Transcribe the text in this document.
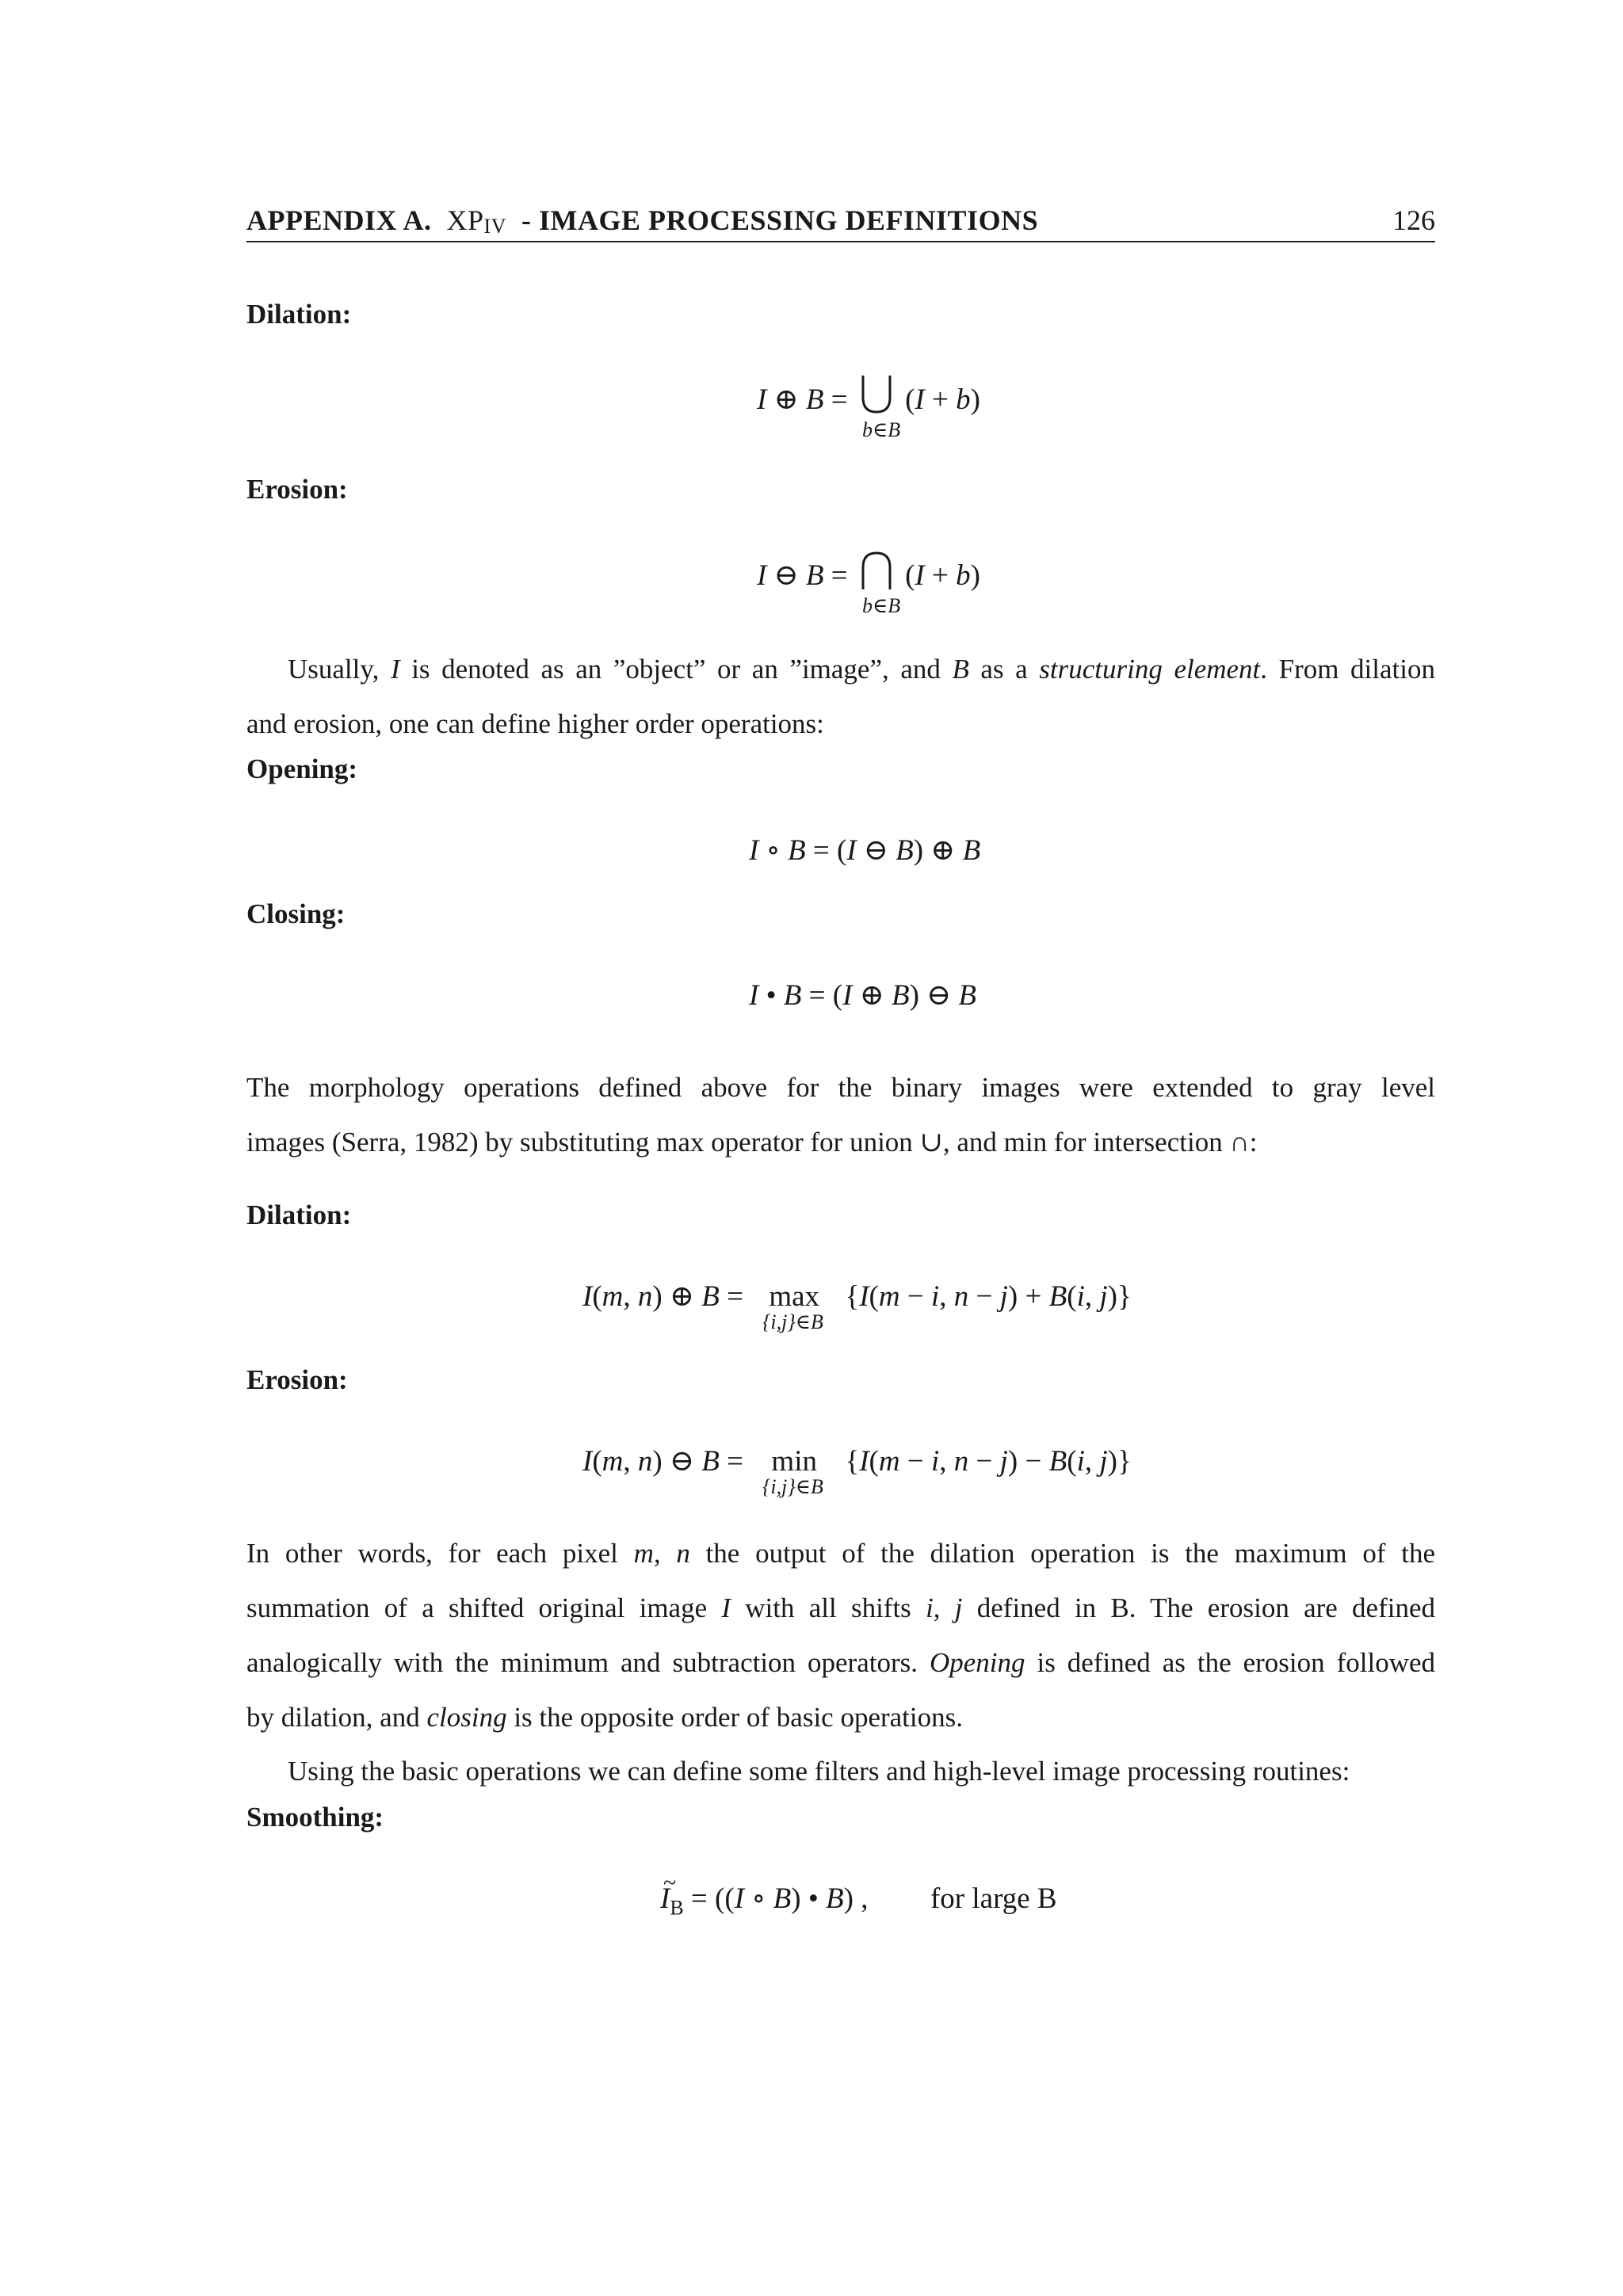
APPENDIX A. $XP_{IV}$ - IMAGE PROCESSING DEFINITIONS	126
Dilation:
I ⊕ B = (I + b)
b∈B
Erosion:
I ⊖ B = (I + b)
b∈B
Usually, I is denoted as an ”object” or an ”image”, and B as a structuring element. From dilation
and erosion, one can define higher order operations:
Opening:
I ∘ B = (I ⊖ B) ⊕ B
Closing:
I • B = (I ⊕ B) ⊖ B
The morphology operations defined above for the binary images were extended to gray level
images (Serra, 1982) by substituting max operator for union ∪, and min for intersection ∩:
Dilation:
I(m, n) ⊕ B = max {I(m − i, n − j) + B(i, j)}
{i,j}∈B
Erosion:
I(m, n) ⊖ B = min {I(m − i, n − j) − B(i, j)}
{i,j}∈B
In other words, for each pixel m, n the output of the dilation operation is the maximum of the
summation of a shifted original image I with all shifts i, j defined in B. The erosion are defined
analogically with the minimum and subtraction operators. Opening is defined as the erosion followed
by dilation, and closing is the opposite order of basic operations.
Using the basic operations we can define some filters and high-level image processing routines:
Smoothing:
~
$I_B = ((I$ ∘ B) • B) , for large B
